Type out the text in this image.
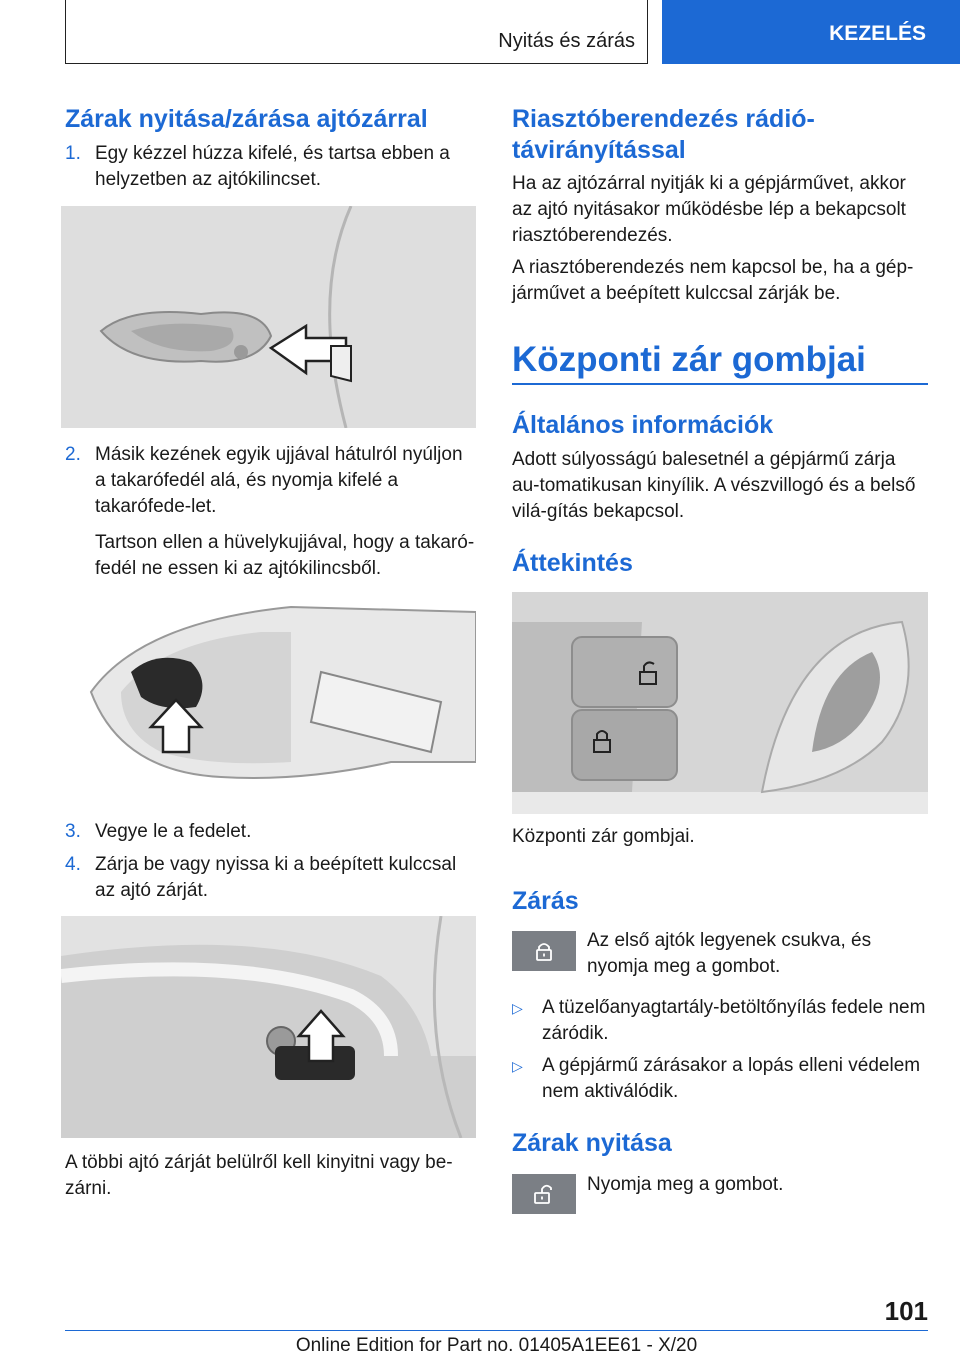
Nyitás és zárás	KEZELÉS
Zárak nyitása/zárása ajtózárral
1. Egy kézzel húzza kifelé, és tartsa ebben a helyzetben az ajtókilincset.
2. Másik kezének egyik ujjával hátulról nyúljon a takarófedél alá, és nyomja kifelé a takarófede-let.
Tartson ellen a hüvelykujjával, hogy a takaró-fedél ne essen ki az ajtókilincsből.
3. Vegye le a fedelet.
4. Zárja be vagy nyissa ki a beépített kulccsal az ajtó zárját.

A többi ajtó zárját belülről kell kinyitni vagy be-zárni.

Riasztóberendezés rádió-távirányítással

Ha az ajtózárral nyitják ki a gépjárművet, akkor az ajtó nyitásakor működésbe lép a bekapcsolt riasztóberendezés.

A riasztóberendezés nem kapcsol be, ha a gép-járművet a beépített kulccsal zárják be.

Központi zár gombjai
Általános információk

Adott súlyosságú balesetnél a gépjármű zárja au-tomatikusan kinyílik. A vészvillogó és a belső vilá-gítás bekapcsol.

Áttekintés

Központi zár gombjai.

Zárás

Az első ajtók legyenek csukva, és nyomja meg a gombot.

▷	A tüzelőanyagtartály-betöltőnyílás fedele nem záródik.
▷	A gépjármű zárásakor a lopás elleni védelem nem aktiválódik.
Zárak nyitása

Nyomja meg a gombot.

101
Online Edition for Part no. 01405A1EE61 - X/20
